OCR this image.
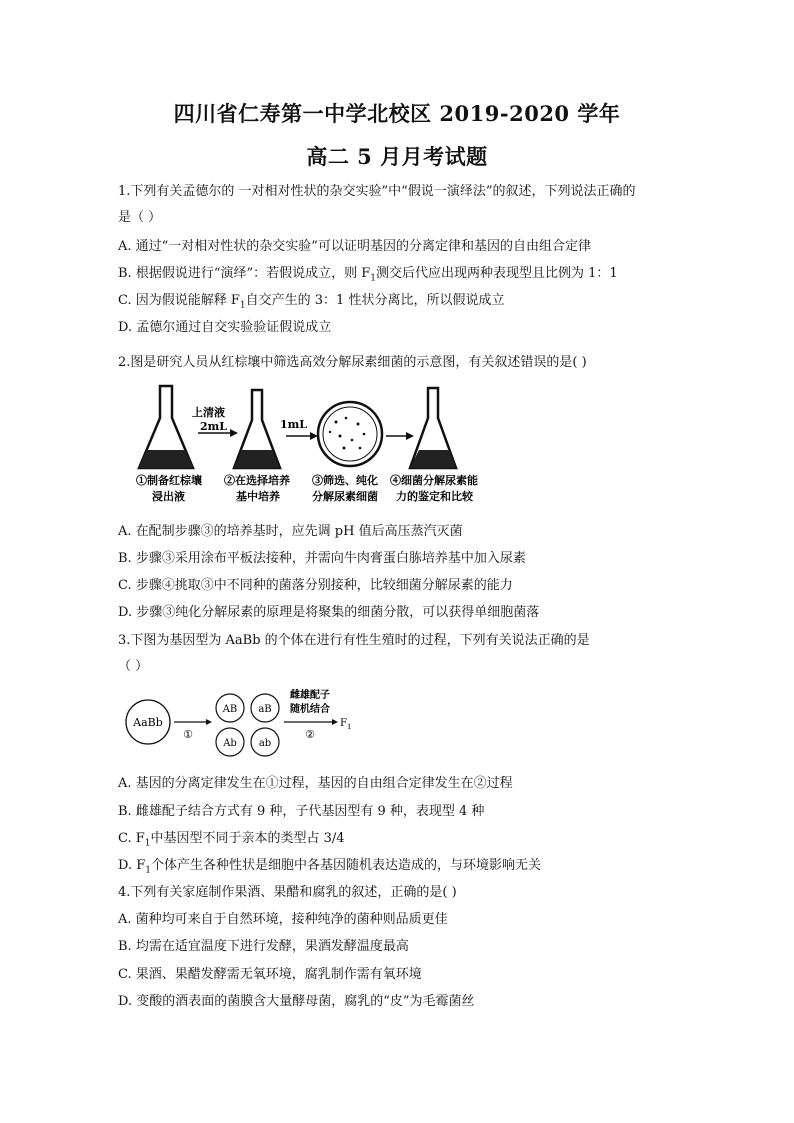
四川省仁寿第一中学北校区 2019-2020 学年
高二 5 月月考试题
1.下列有关孟德尔的 一对相对性状的杂交实验”中“假说一演绎法”的叙述，下列说法正确的
是（ ）
A. 通过“一对相对性状的杂交实验”可以证明基因的分离定律和基因的自由组合定律
B. 根据假说进行“演绎”：若假说成立，则 $F_1$测交后代应出现两种表现型且比例为 1：1
C. 因为假说能解释 $F_1$自交产生的 3：1 性状分离比，所以假说成立
D. 孟德尔通过自交实验验证假说成立
2.图是研究人员从红棕壤中筛选高效分解尿素细菌的示意图，有关叙述错误的是( )
上清液
2mL	1mL
①制备红棕壤
浸出液
②在选择培养
基中培养
③筛选、纯化
分解尿素细菌
④细菌分解尿素能
力的鉴定和比较
A. 在配制步骤③的培养基时，应先调 pH 值后高压蒸汽灭菌
B. 步骤③采用涂布平板法接种，并需向牛肉膏蛋白胨培养基中加入尿素
C. 步骤④挑取③中不同种的菌落分别接种，比较细菌分解尿素的能力
D. 步骤③纯化分解尿素的原理是将聚集的细菌分散，可以获得单细胞菌落
3.下图为基因型为 AaBb 的个体在进行有性生殖时的过程，下列有关说法正确的是
（ ）
AaBb
①
AB aB
Ab ab
雌雄配子
随机结合
②
$F_1$
A. 基因的分离定律发生在①过程，基因的自由组合定律发生在②过程
B. 雌雄配子结合方式有 9 种，子代基因型有 9 种，表现型 4 种
C. $F_1$中基因型不同于亲本的类型占 3/4
D. $F_1$个体产生各种性状是细胞中各基因随机表达造成的，与环境影响无关
4.下列有关家庭制作果酒、果醋和腐乳的叙述，正确的是( )
A. 菌种均可来自于自然环境，接种纯净的菌种则品质更佳
B. 均需在适宜温度下进行发酵，果酒发酵温度最高
C. 果酒、果醋发酵需无氧环境，腐乳制作需有氧环境
D. 变酸的酒表面的菌膜含大量酵母菌，腐乳的“皮”为毛霉菌丝
